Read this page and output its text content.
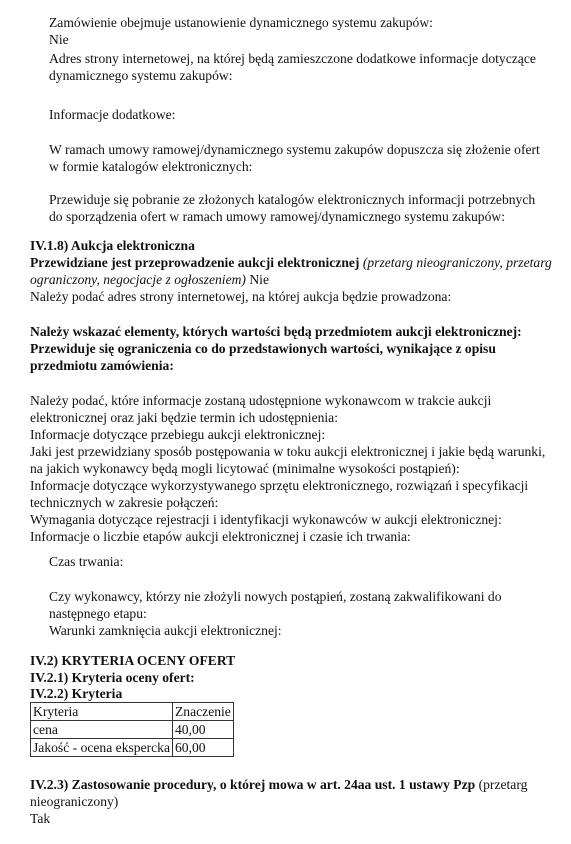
Zamówienie obejmuje ustanowienie dynamicznego systemu zakupów:
Nie
Adres strony internetowej, na której będą zamieszczone dodatkowe informacje dotyczące dynamicznego systemu zakupów:
Informacje dodatkowe:
W ramach umowy ramowej/dynamicznego systemu zakupów dopuszcza się złożenie ofert w formie katalogów elektronicznych:
Przewiduje się pobranie ze złożonych katalogów elektronicznych informacji potrzebnych do sporządzenia ofert w ramach umowy ramowej/dynamicznego systemu zakupów:
IV.1.8) Aukcja elektroniczna
Przewidziane jest przeprowadzenie aukcji elektronicznej (przetarg nieograniczony, przetarg ograniczony, negocjacje z ogłoszeniem) Nie
Należy podać adres strony internetowej, na której aukcja będzie prowadzona:
Należy wskazać elementy, których wartości będą przedmiotem aukcji elektronicznej:
Przewiduje się ograniczenia co do przedstawionych wartości, wynikające z opisu przedmiotu zamówienia:
Należy podać, które informacje zostaną udostępnione wykonawcom w trakcie aukcji elektronicznej oraz jaki będzie termin ich udostępnienia:
Informacje dotyczące przebiegu aukcji elektronicznej:
Jaki jest przewidziany sposób postępowania w toku aukcji elektronicznej i jakie będą warunki, na jakich wykonawcy będą mogli licytować (minimalne wysokości postąpień):
Informacje dotyczące wykorzystywanego sprzętu elektronicznego, rozwiązań i specyfikacji technicznych w zakresie połączeń:
Wymagania dotyczące rejestracji i identyfikacji wykonawców w aukcji elektronicznej:
Informacje o liczbie etapów aukcji elektronicznej i czasie ich trwania:
Czas trwania:
Czy wykonawcy, którzy nie złożyli nowych postąpień, zostaną zakwalifikowani do następnego etapu:
Warunki zamknięcia aukcji elektronicznej:
IV.2) KRYTERIA OCENY OFERT
IV.2.1) Kryteria oceny ofert:
IV.2.2) Kryteria
Kryteria	Znaczenie
cena	40,00
Jakość - ocena ekspercka	60,00
IV.2.3) Zastosowanie procedury, o której mowa w art. 24aa ust. 1 ustawy Pzp (przetarg nieograniczony)
Tak
